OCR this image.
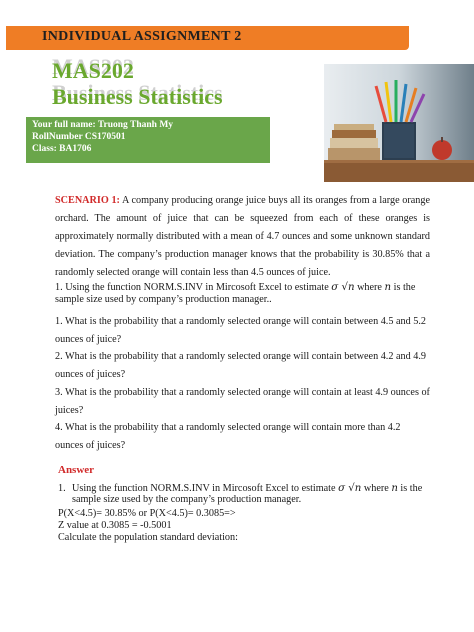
INDIVIDUAL ASSIGNMENT 2
MAS202
Business Statistics
Your full name: Truong Thanh My
RollNumber CS170501
Class: BA1706
SCENARIO 1: A company producing orange juice buys all its oranges from a large orange orchard. The amount of juice that can be squeezed from each of these oranges is approximately normally distributed with a mean of 4.7 ounces and some unknown standard deviation. The company’s production manager knows that the probability is 30.85% that a randomly selected orange will contain less than 4.5 ounces of juice.
1. Using the function NORM.S.INV in Mircosoft Excel to estimate σ √n where n is the sample size used by company’s production manager..
1. What is the probability that a randomly selected orange will contain between 4.5 and 5.2 ounces of juice?
2. What is the probability that a randomly selected orange will contain between 4.2 and 4.9 ounces of juices?
3. What is the probability that a randomly selected orange will contain at least 4.9 ounces of juices?
4. What is the probability that a randomly selected orange will contain more than 4.2 ounces of juices?
Answer
1. Using the function NORM.S.INV in Mircosoft Excel to estimate σ √n where n is the sample size used by the company’s production manager.
P(X<4.5)= 30.85% or P(X<4.5)= 0.3085=>
Z value at 0.3085 = -0.5001
Calculate the population standard deviation:
